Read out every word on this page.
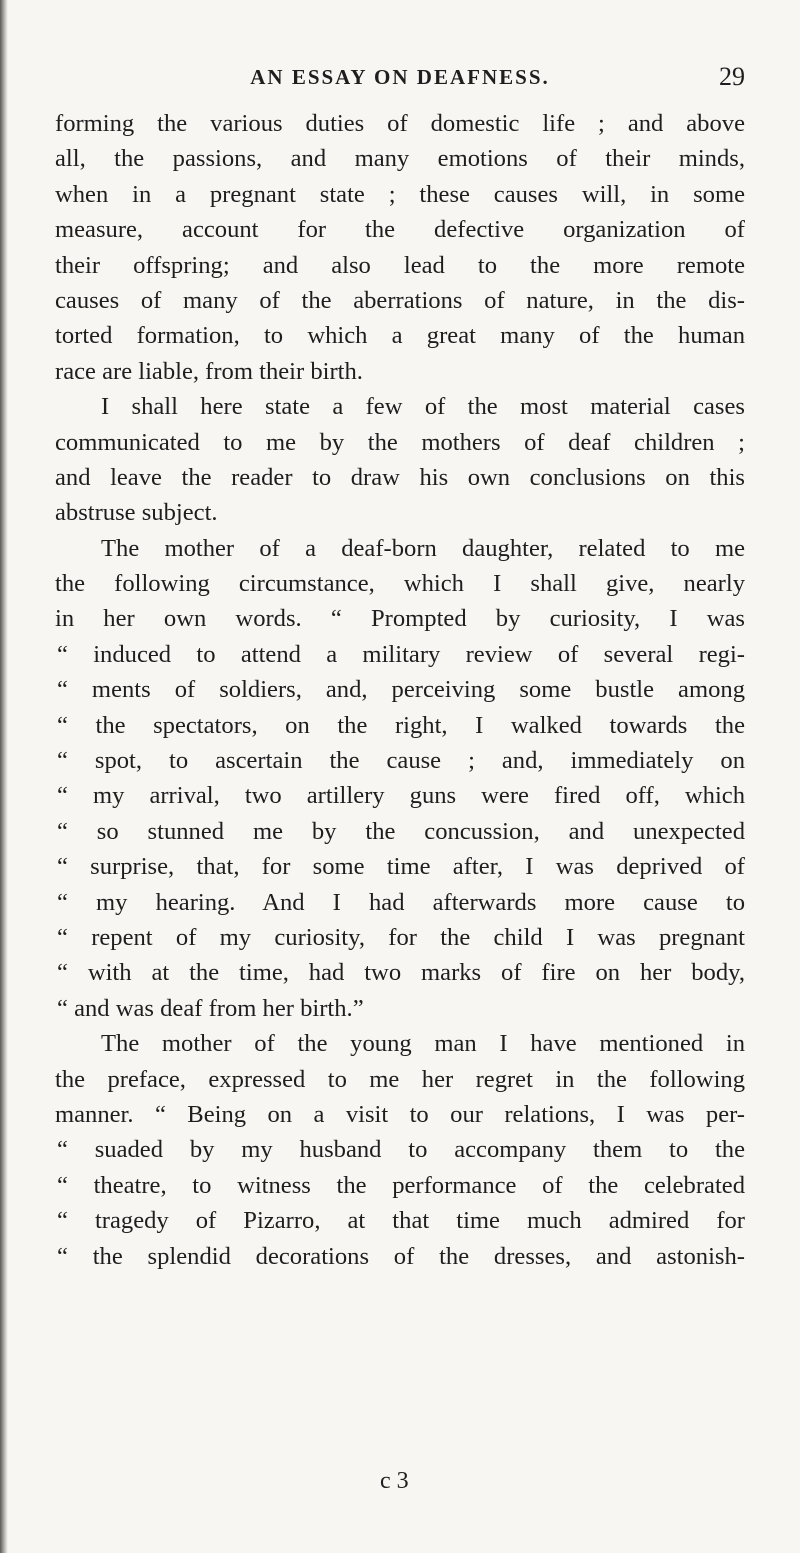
AN ESSAY ON DEAFNESS.	29
forming the various duties of domestic life ; and above
all, the passions, and many emotions of their minds,
when in a pregnant state ; these causes will, in some
measure, account for the defective organization of
their offspring; and also lead to the more remote
causes of many of the aberrations of nature, in the dis-
torted formation, to which a great many of the human
race are liable, from their birth.
I shall here state a few of the most material cases
communicated to me by the mothers of deaf children ;
and leave the reader to draw his own conclusions on this
abstruse subject.
The mother of a deaf-born daughter, related to me
the following circumstance, which I shall give, nearly
in her own words. “ Prompted by curiosity, I was
“ induced to attend a military review of several regi-
“ ments of soldiers, and, perceiving some bustle among
“ the spectators, on the right, I walked towards the
“ spot, to ascertain the cause ; and, immediately on
“ my arrival, two artillery guns were fired off, which
“ so stunned me by the concussion, and unexpected
“ surprise, that, for some time after, I was deprived of
“ my hearing. And I had afterwards more cause to
“ repent of my curiosity, for the child I was pregnant
“ with at the time, had two marks of fire on her body,
“ and was deaf from her birth.”
The mother of the young man I have mentioned in
the preface, expressed to me her regret in the following
manner. “ Being on a visit to our relations, I was per-
“ suaded by my husband to accompany them to the
“ theatre, to witness the performance of the celebrated
“ tragedy of Pizarro, at that time much admired for
“ the splendid decorations of the dresses, and astonish-
c 3
